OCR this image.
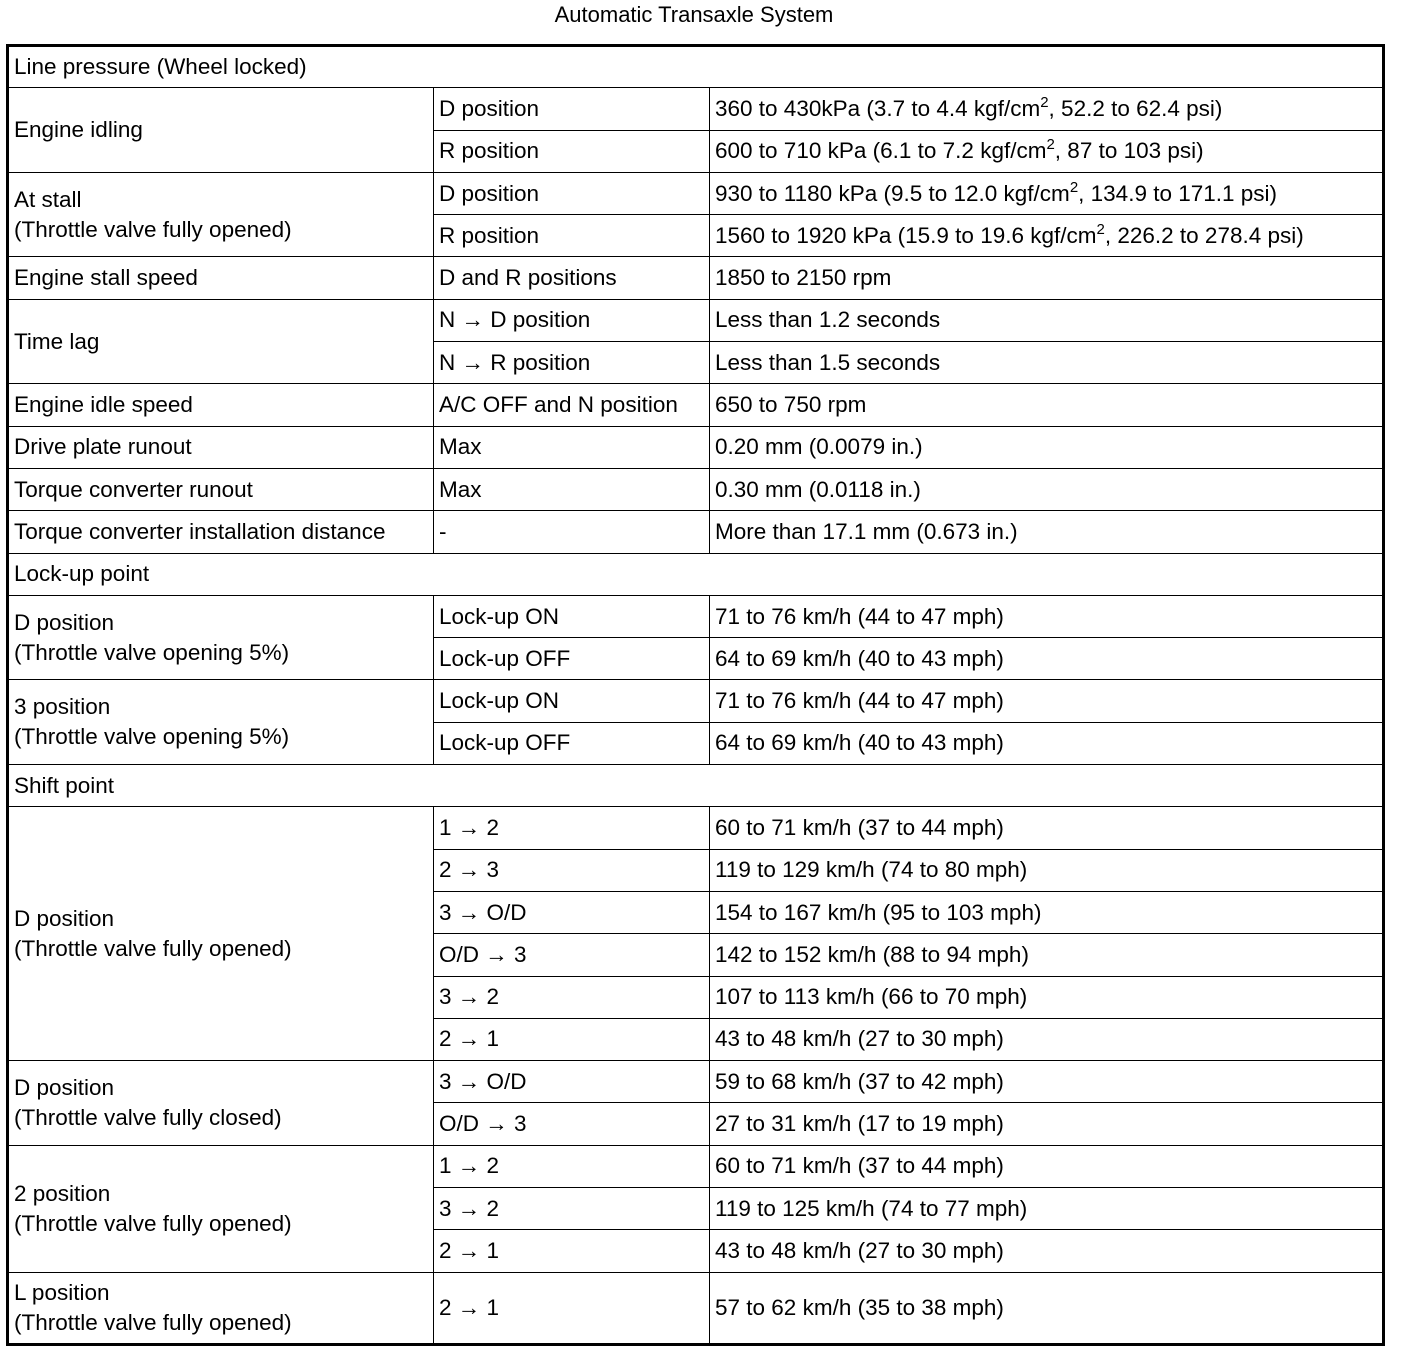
Automatic Transaxle System
Line pressure (Wheel locked)		
Engine idling	D position	360 to 430kPa (3.7 to 4.4 kgf/$cm^2$, 52.2 to 62.4 psi)
	R position	600 to 710 kPa (6.1 to 7.2 kgf/$cm^2$, 87 to 103 psi)

At stall
(Throttle valve fully opened)	D position	930 to 1180 kPa (9.5 to 12.0 kgf/$cm^2$, 134.9 to 171.1 psi)
	R position	1560 to 1920 kPa (15.9 to 19.6 kgf/$cm^2$, 226.2 to 278.4 psi)
Engine stall speed	D and R positions	1850 to 2150 rpm
Time lag	N → D position	Less than 1.2 seconds
	N → R position	Less than 1.5 seconds
Engine idle speed	A/C OFF and N position	650 to 750 rpm
Drive plate runout	Max	0.20 mm (0.0079 in.)
Torque converter runout	Max	0.30 mm (0.0118 in.)
Torque converter installation distance	-	More than 17.1 mm (0.673 in.)
Lock-up point		

D position
(Throttle valve opening 5%)	Lock-up ON	71 to 76 km/h (44 to 47 mph)
	Lock-up OFF	64 to 69 km/h (40 to 43 mph)

3 position
(Throttle valve opening 5%)	Lock-up ON	71 to 76 km/h (44 to 47 mph)
	Lock-up OFF	64 to 69 km/h (40 to 43 mph)
Shift point		

D position
(Throttle valve fully opened)	1 → 2	60 to 71 km/h (37 to 44 mph)
	2 → 3	119 to 129 km/h (74 to 80 mph)
	3 → O/D	154 to 167 km/h (95 to 103 mph)
	O/D → 3	142 to 152 km/h (88 to 94 mph)
	3 → 2	107 to 113 km/h (66 to 70 mph)
	2 → 1	43 to 48 km/h (27 to 30 mph)

D position
(Throttle valve fully closed)	3 → O/D	59 to 68 km/h (37 to 42 mph)
	O/D → 3	27 to 31 km/h (17 to 19 mph)

2 position
(Throttle valve fully opened)	1 → 2	60 to 71 km/h (37 to 44 mph)
	3 → 2	119 to 125 km/h (74 to 77 mph)
	2 → 1	43 to 48 km/h (27 to 30 mph)

L position
(Throttle valve fully opened)	2 → 1	57 to 62 km/h (35 to 38 mph)
